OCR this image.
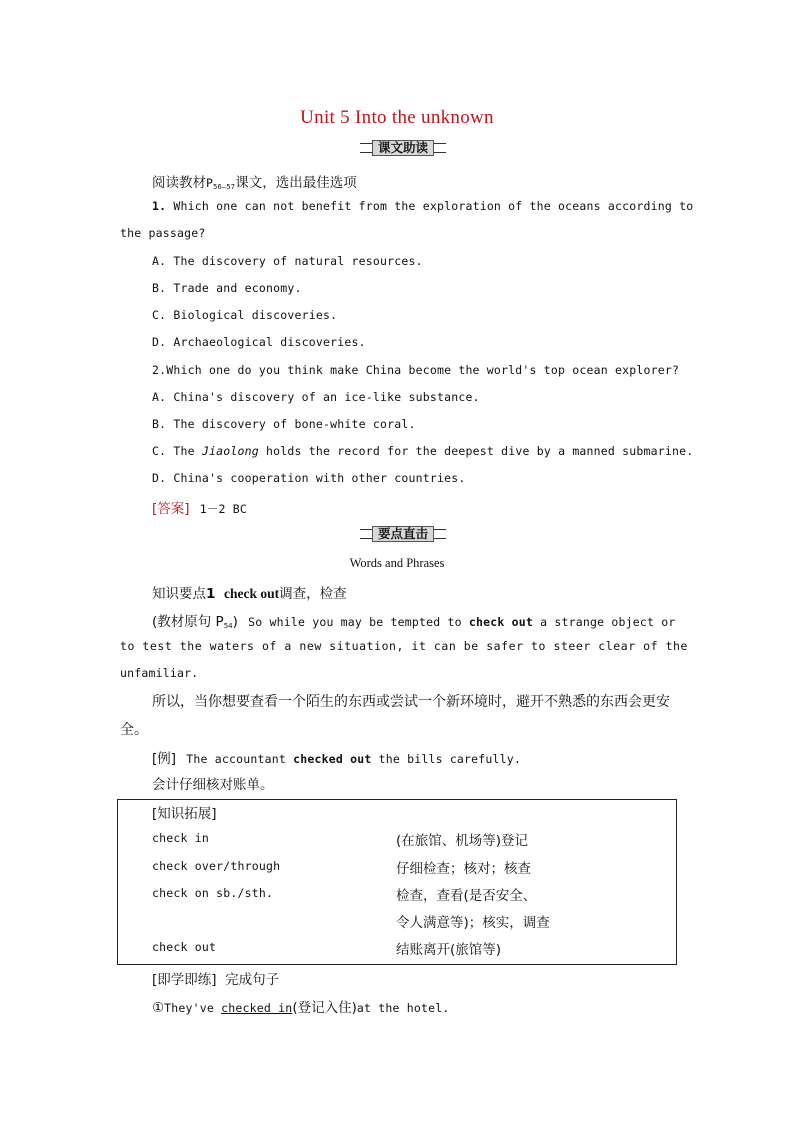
Unit 5 Into the unknown
课文助读
阅读教材P56—57课文，选出最佳选项
1. Which one can not benefit from the exploration of the oceans according to
the passage?
A. The discovery of natural resources.
B. Trade and economy.
C. Biological discoveries.
D. Archaeological discoveries.
2.Which one do you think make China become the world's top ocean explorer?
A. China's discovery of an ice-like substance.
B. The discovery of bone-white coral.
C. The Jiaolong holds the record for the deepest dive by a manned submarine.
D. China's cooperation with other countries.
[答案] 1－2 BC
要点直击
Words and Phrases
知识要点1 check out调查，检查
(教材原句 P54) So while you may be tempted to check out a strange object or
to test the waters of a new situation, it can be safer to steer clear of the
unfamiliar.
所以，当你想要查看一个陌生的东西或尝试一个新环境时，避开不熟悉的东西会更安
全。
[例] The accountant checked out the bills carefully.
会计仔细核对账单。
[知识拓展]
check in	(在旅馆、机场等)登记
check over/through	仔细检查；核对；核查
check on sb./sth.	检查，查看(是否安全、
令人满意等)；核实，调查
check out	结账离开(旅馆等)
[即学即练] 完成句子
①They've checked in(登记入住)at the hotel.
